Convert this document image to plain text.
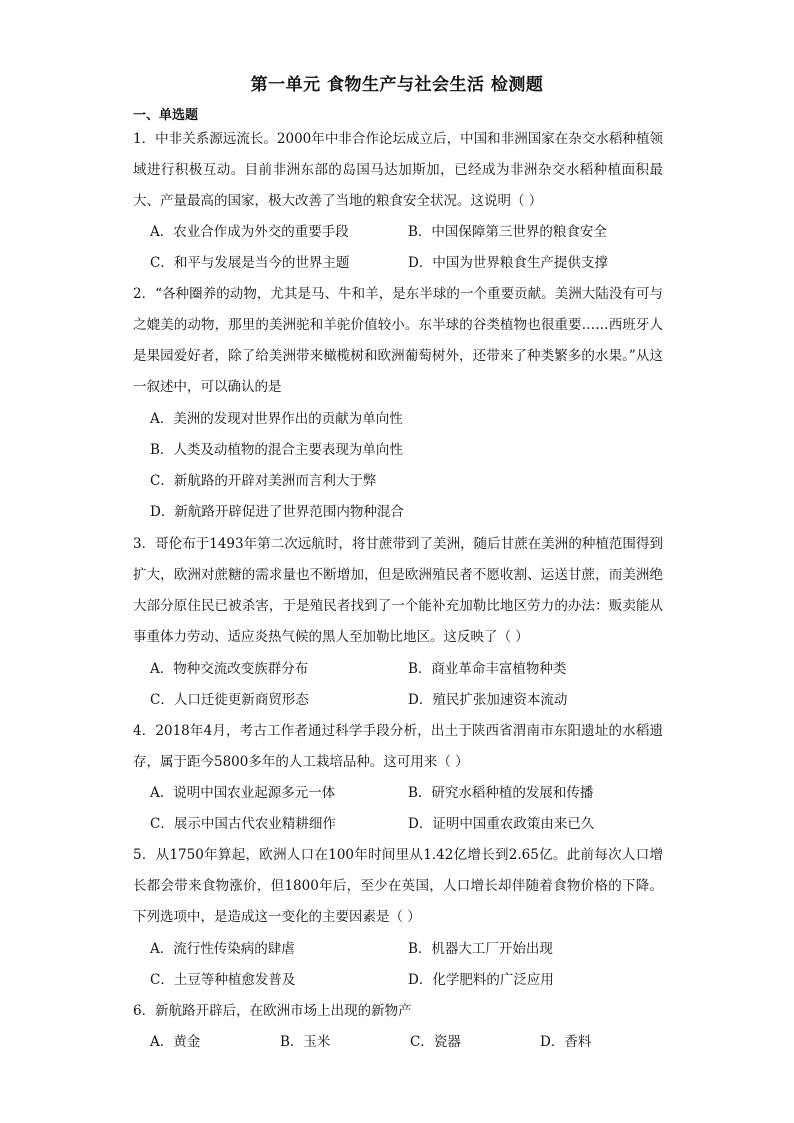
第一单元 食物生产与社会生活 检测题
一、单选题
1．中非关系源远流长。2000年中非合作论坛成立后，中国和非洲国家在杂交水稻种植领域进行积极互动。目前非洲东部的岛国马达加斯加，已经成为非洲杂交水稻种植面积最大、产量最高的国家，极大改善了当地的粮食安全状况。这说明（ ）
A．农业合作成为外交的重要手段	B．中国保障第三世界的粮食安全
C．和平与发展是当今的世界主题	D．中国为世界粮食生产提供支撑
2．“各种圈养的动物，尤其是马、牛和羊，是东半球的一个重要贡献。美洲大陆没有可与之媲美的动物，那里的美洲驼和羊驼价值较小。东半球的谷类植物也很重要……西班牙人是果园爱好者，除了给美洲带来橄榄树和欧洲葡萄树外，还带来了种类繁多的水果。”从这一叙述中，可以确认的是
A．美洲的发现对世界作出的贡献为单向性
B．人类及动植物的混合主要表现为单向性
C．新航路的开辟对美洲而言利大于弊
D．新航路开辟促进了世界范围内物种混合
3．哥伦布于1493年第二次远航时，将甘蔗带到了美洲，随后甘蔗在美洲的种植范围得到扩大，欧洲对蔗糖的需求量也不断增加，但是欧洲殖民者不愿收割、运送甘蔗，而美洲绝大部分原住民已被杀害，于是殖民者找到了一个能补充加勒比地区劳力的办法：贩卖能从事重体力劳动、适应炎热气候的黑人至加勒比地区。这反映了（ ）
A．物种交流改变族群分布	B．商业革命丰富植物种类
C．人口迁徙更新商贸形态	D．殖民扩张加速资本流动
4．2018年4月，考古工作者通过科学手段分析，出土于陕西省渭南市东阳遗址的水稻遗存，属于距今5800多年的人工栽培品种。这可用来（ ）
A．说明中国农业起源多元一体	B．研究水稻种植的发展和传播
C．展示中国古代农业精耕细作	D．证明中国重农政策由来已久
5．从1750年算起，欧洲人口在100年时间里从1.42亿增长到2.65亿。此前每次人口增长都会带来食物涨价，但1800年后，至少在英国，人口增长却伴随着食物价格的下降。下列选项中，是造成这一变化的主要因素是（ ）
A．流行性传染病的肆虐	B．机器大工厂开始出现
C．土豆等种植愈发普及	D．化学肥料的广泛应用
6．新航路开辟后，在欧洲市场上出现的新物产
A．黄金	B．玉米	C．瓷器	D．香料
